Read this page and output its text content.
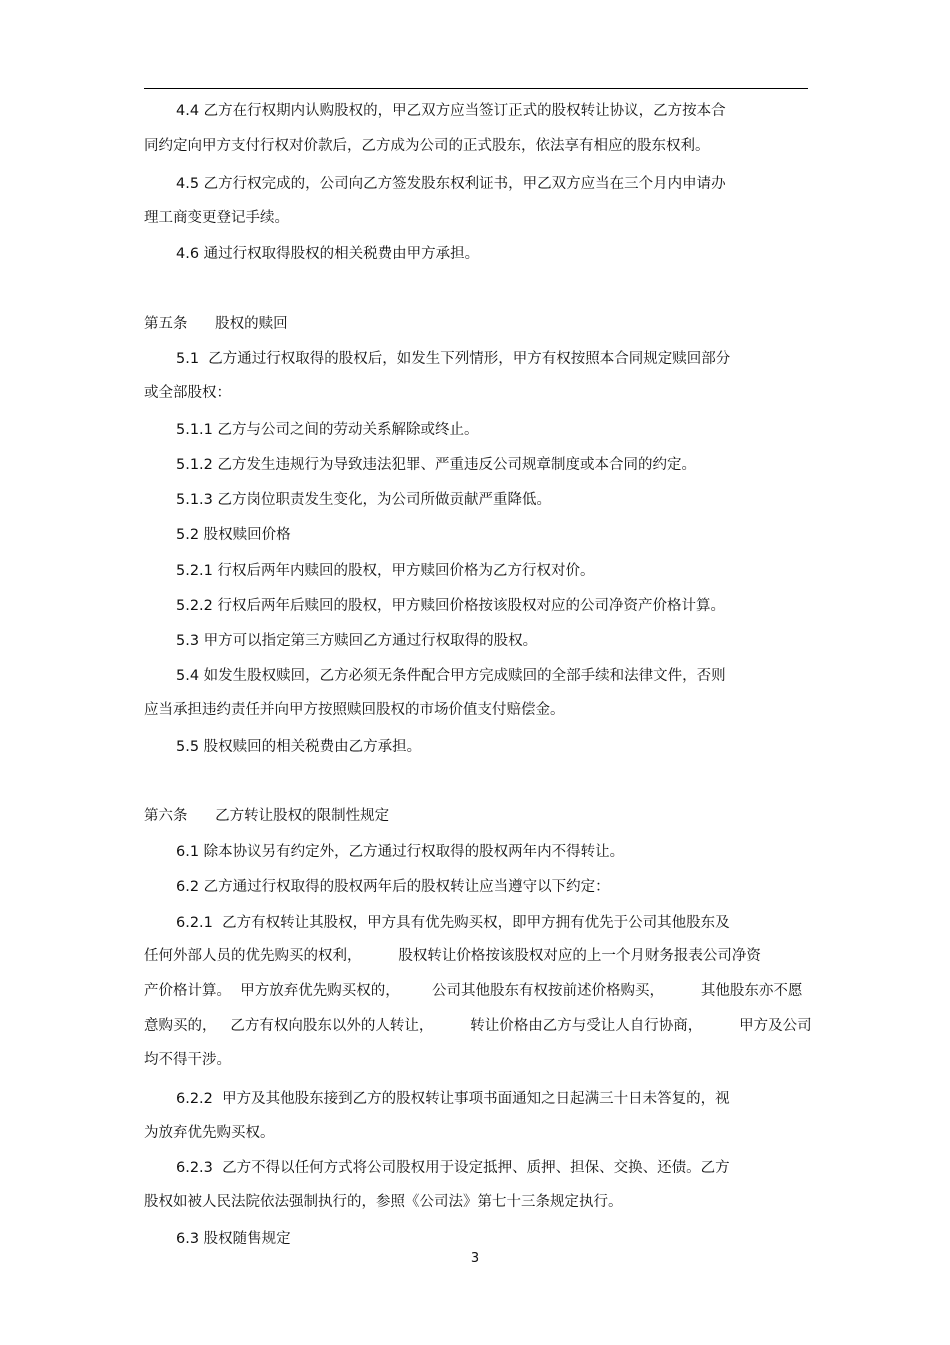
4.4 乙方在行权期内认购股权的，甲乙双方应当签订正式的股权转让协议，乙方按本合
同约定向甲方支付行权对价款后，乙方成为公司的正式股东，依法享有相应的股东权利。
4.5 乙方行权完成的，公司向乙方签发股东权利证书，甲乙双方应当在三个月内申请办
理工商变更登记手续。
4.6 通过行权取得股权的相关税费由甲方承担。
第五条      股权的赎回
5.1  乙方通过行权取得的股权后，如发生下列情形，甲方有权按照本合同规定赎回部分
或全部股权：
5.1.1 乙方与公司之间的劳动关系解除或终止。
5.1.2 乙方发生违规行为导致违法犯罪、严重违反公司规章制度或本合同的约定。
5.1.3 乙方岗位职责发生变化，为公司所做贡献严重降低。
5.2 股权赎回价格
5.2.1 行权后两年内赎回的股权，甲方赎回价格为乙方行权对价。
5.2.2 行权后两年后赎回的股权，甲方赎回价格按该股权对应的公司净资产价格计算。
5.3 甲方可以指定第三方赎回乙方通过行权取得的股权。
5.4 如发生股权赎回，乙方必须无条件配合甲方完成赎回的全部手续和法律文件，否则
应当承担违约责任并向甲方按照赎回股权的市场价值支付赔偿金。
5.5 股权赎回的相关税费由乙方承担。
第六条      乙方转让股权的限制性规定
6.1 除本协议另有约定外，乙方通过行权取得的股权两年内不得转让。
6.2 乙方通过行权取得的股权两年后的股权转让应当遵守以下约定：
6.2.1  乙方有权转让其股权，甲方具有优先购买权，即甲方拥有优先于公司其他股东及
任何外部人员的优先购买的权利，        股权转让价格按该股权对应的上一个月财务报表公司净资
产价格计算。  甲方放弃优先购买权的，       公司其他股东有权按前述价格购买，        其他股东亦不愿
意购买的，   乙方有权向股东以外的人转让，        转让价格由乙方与受让人自行协商，        甲方及公司
均不得干涉。
6.2.2  甲方及其他股东接到乙方的股权转让事项书面通知之日起满三十日未答复的，视
为放弃优先购买权。
6.2.3  乙方不得以任何方式将公司股权用于设定抵押、质押、担保、交换、还债。乙方
股权如被人民法院依法强制执行的，参照《公司法》第七十三条规定执行。
6.3 股权随售规定
3
